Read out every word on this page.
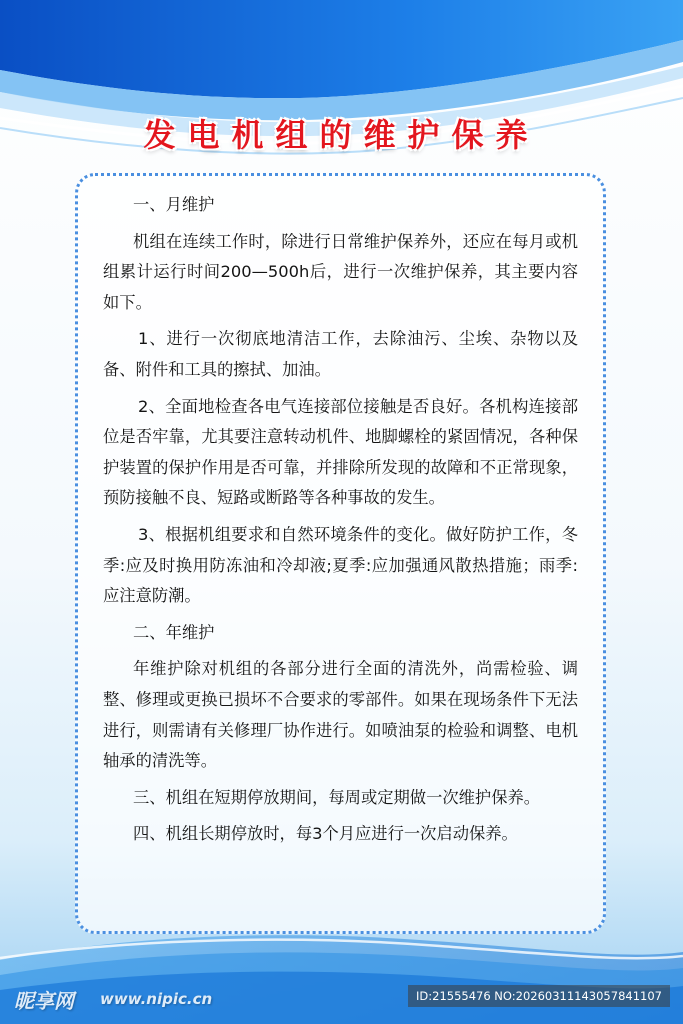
发电机组的维护保养

一、月维护

机组在连续工作时，除进行日常维护保养外，还应在每月或机组累计运行时间200—500h后，进行一次维护保养，其主要内容如下。

1、进行一次彻底地清洁工作，去除油污、尘埃、杂物以及备、附件和工具的擦拭、加油。

2、全面地检查各电气连接部位接触是否良好。各机构连接部位是否牢靠，尤其要注意转动机件、地脚螺栓的紧固情况，各种保护装置的保护作用是否可靠，并排除所发现的故障和不正常现象，预防接触不良、短路或断路等各种事故的发生。

3、根据机组要求和自然环境条件的变化。做好防护工作，冬季:应及时换用防冻油和冷却液;夏季:应加强通风散热措施；雨季:应注意防潮。

二、年维护

年维护除对机组的各部分进行全面的清洗外，尚需检验、调整、修理或更换已损坏不合要求的零部件。如果在现场条件下无法进行，则需请有关修理厂协作进行。如喷油泵的检验和调整、电机轴承的清洗等。

三、机组在短期停放期间，每周或定期做一次维护保养。

四、机组长期停放时，每3个月应进行一次启动保养。

昵享网 www.nipic.cn	ID:21555476 NO:20260311143057841107
